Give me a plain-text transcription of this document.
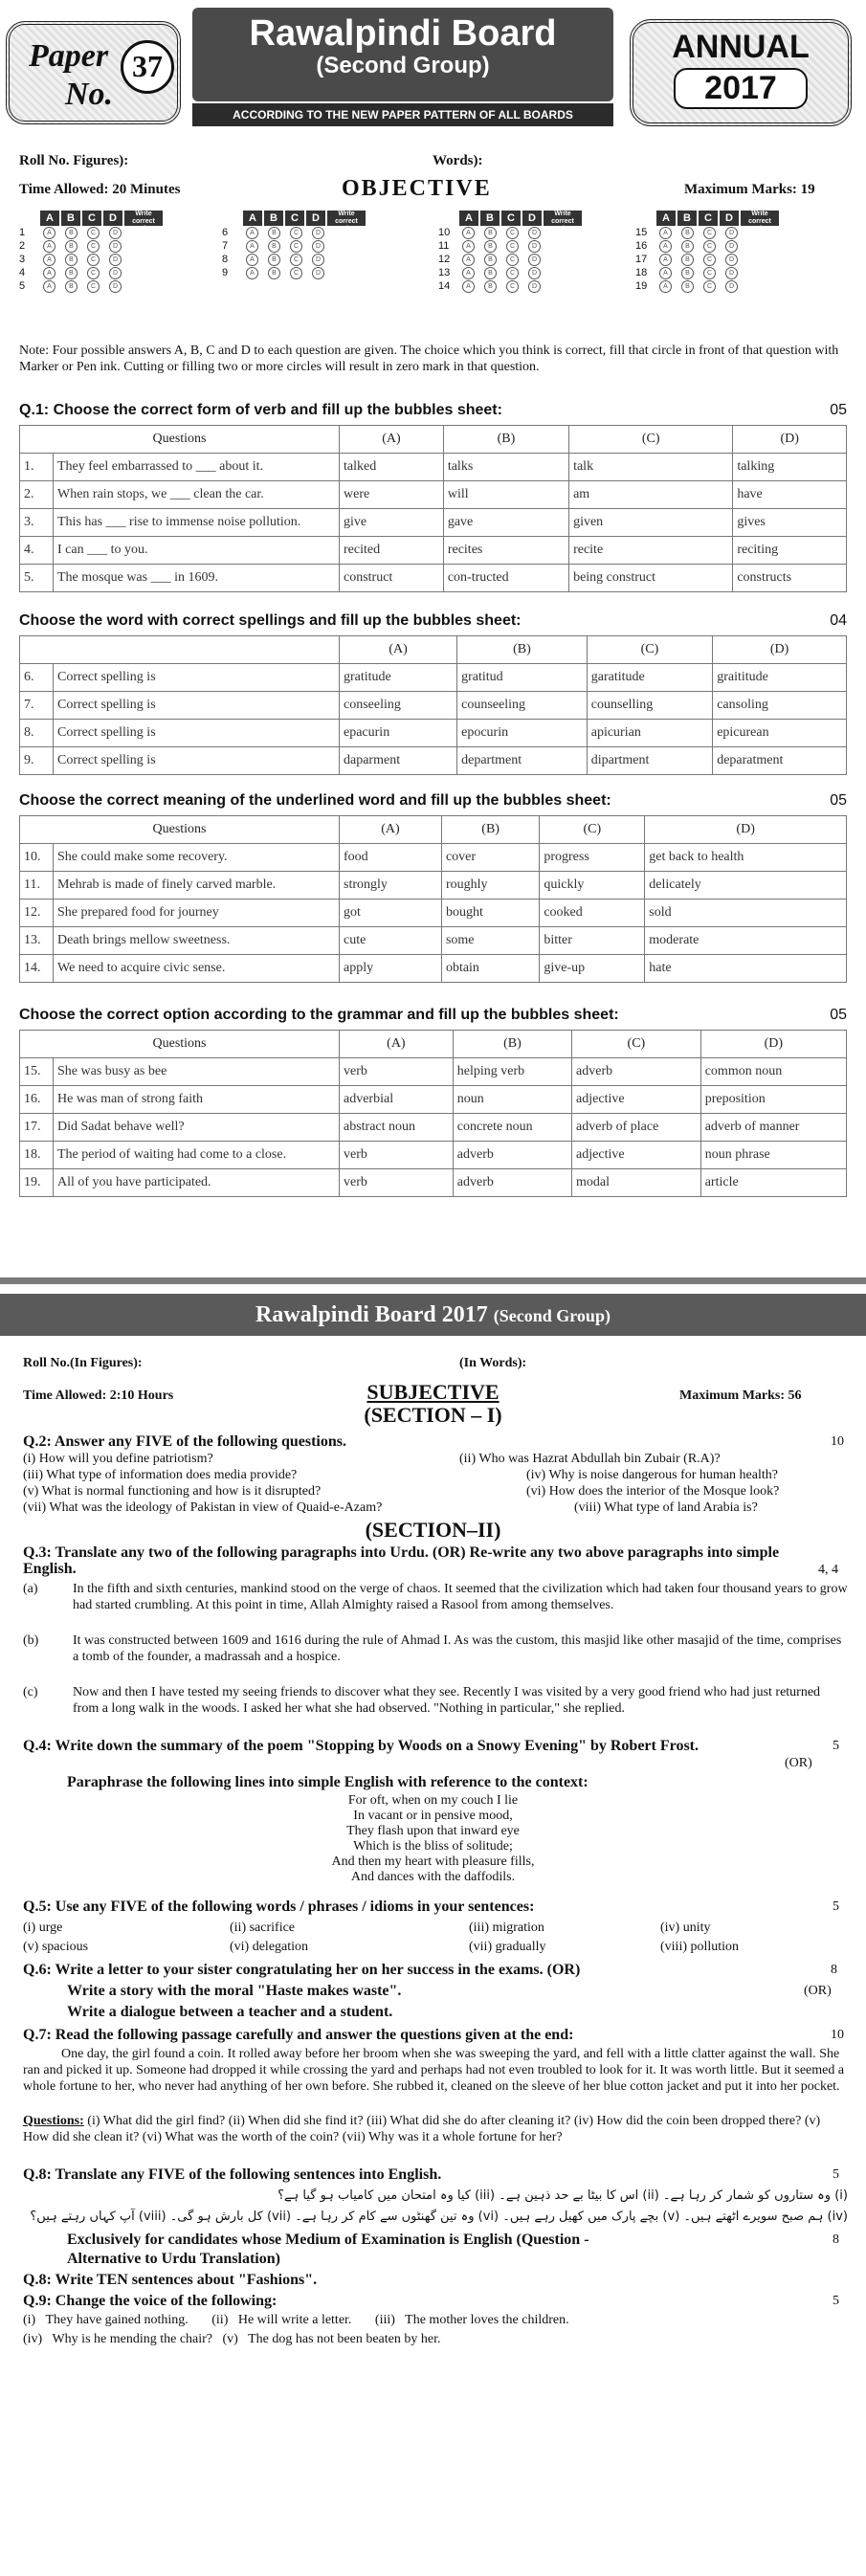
Paper
No.
37
Rawalpindi Board
(Second Group)
ACCORDING TO THE NEW PAPER PATTERN OF ALL BOARDS
ANNUAL
2017
Roll No. Figures):	Words):
Time Allowed: 20 Minutes	OBJECTIVE	Maximum Marks: 19
A	B	C	D	Write correct option
1	A	B	C	D
2	A	B	C	D
3	A	B	C	D
4	A	B	C	D
5	A	B	C	D
A	B	C	D	Write correct option
6	A	B	C	D
7	A	B	C	D
8	A	B	C	D
9	A	B	C	D
A	B	C	D	Write correct option
10	A	B	C	D
11	A	B	C	D
12	A	B	C	D
13	A	B	C	D
14	A	B	C	D
A	B	C	D	Write correct option
15	A	B	C	D
16	A	B	C	D
17	A	B	C	D
18	A	B	C	D
19	A	B	C	D
Note: Four possible answers A, B, C and D to each question are given. The choice which you think is correct, fill that circle in front of that question with Marker or Pen ink. Cutting or filling two or more circles will result in zero mark in that question.
Q.1: Choose the correct form of verb and fill up the bubbles sheet:	05
Questions		(A)	(B)	(C)	(D)
1.	They feel embarrassed to ___ about it.	talked	talks	talk	talking
2.	When rain stops, we ___ clean the car.	were	will	am	have
3.	This has ___ rise to immense noise pollution.	give	gave	given	gives
4.	I can ___ to you.	recited	recites	recite	reciting
5.	The mosque was ___ in 1609.	construct	con-tructed	being construct	constructs
Choose the word with correct spellings and fill up the bubbles sheet:	04
		(A)	(B)	(C)	(D)
6.	Correct spelling is	gratitude	gratitud	garatitude	graititude
7.	Correct spelling is	conseeling	counseeling	counselling	cansoling
8.	Correct spelling is	epacurin	epocurin	apicurian	epicurean
9.	Correct spelling is	daparment	department	dipartment	deparatment
Choose the correct meaning of the underlined word and fill up the bubbles sheet:	05
Questions		(A)	(B)	(C)	(D)
10.	She could make some recovery.	food	cover	progress	get back to health
11.	Mehrab is made of finely carved marble.	strongly	roughly	quickly	delicately
12.	She prepared food for journey	got	bought	cooked	sold
13.	Death brings mellow sweetness.	cute	some	bitter	moderate
14.	We need to acquire civic sense.	apply	obtain	give-up	hate
Choose the correct option according to the grammar and fill up the bubbles sheet:	05
Questions		(A)	(B)	(C)	(D)
15.	She was busy as bee	verb	helping verb	adverb	common noun
16.	He was man of strong faith	adverbial	noun	adjective	preposition
17.	Did Sadat behave well?	abstract noun	concrete noun	adverb of place	adverb of manner
18.	The period of waiting had come to a close.	verb	adverb	adjective	noun phrase
19.	All of you have participated.	verb	adverb	modal	article
Rawalpindi Board 2017 (Second Group)
Roll No.(In Figures):	(In Words):
Time Allowed: 2:10 Hours	SUBJECTIVE	Maximum Marks: 56
(SECTION – I)
Q.2: Answer any FIVE of the following questions.	10
(i) How will you define patriotism?	(ii) Who was Hazrat Abdullah bin Zubair (R.A)?
(iii) What type of information does media provide?	(iv) Why is noise dangerous for human health?
(v) What is normal functioning and how is it disrupted?	(vi) How does the interior of the Mosque look?
(vii) What was the ideology of Pakistan in view of Quaid-e-Azam?	(viii) What type of land Arabia is?
(SECTION–II)
Q.3: Translate any two of the following paragraphs into Urdu. (OR) Re-write any two above paragraphs into simple English.	4, 4
(a)	In the fifth and sixth centuries, mankind stood on the verge of chaos. It seemed that the civilization which had taken four thousand years to grow had started crumbling. At this point in time, Allah Almighty raised a Rasool from among themselves.
(b)	It was constructed between 1609 and 1616 during the rule of Ahmad I. As was the custom, this masjid like other masajid of the time, comprises a tomb of the founder, a madrassah and a hospice.
(c)	Now and then I have tested my seeing friends to discover what they see. Recently I was visited by a very good friend who had just returned from a long walk in the woods. I asked her what she had observed. "Nothing in particular," she replied.
Q.4: Write down the summary of the poem "Stopping by Woods on a Snowy Evening" by Robert Frost.
(OR)
5
Paraphrase the following lines into simple English with reference to the context:
For oft, when on my couch I lie
In vacant or in pensive mood,
They flash upon that inward eye
Which is the bliss of solitude;
And then my heart with pleasure fills,
And dances with the daffodils.
Q.5: Use any FIVE of the following words / phrases / idioms in your sentences:	5
(i) urge	(ii) sacrifice	(iii) migration	(iv) unity
(v) spacious	(vi) delegation	(vii) gradually	(viii) pollution
Q.6: Write a letter to your sister congratulating her on her success in the exams. (OR)	8
Write a story with the moral "Haste makes waste".	(OR)
Write a dialogue between a teacher and a student.
Q.7: Read the following passage carefully and answer the questions given at the end:	10
One day, the girl found a coin. It rolled away before her broom when she was sweeping the yard, and fell with a little clatter against the wall. She ran and picked it up. Someone had dropped it while crossing the yard and perhaps had not even troubled to look for it. It was worth little. But it seemed a whole fortune to her, who never had anything of her own before. She rubbed it, cleaned on the sleeve of her blue cotton jacket and put it into her pocket.
Questions: (i) What did the girl find? (ii) When did she find it? (iii) What did she do after cleaning it? (iv) How did the coin been dropped there? (v) How did she clean it? (vi) What was the worth of the coin? (vii) Why was it a whole fortune for her?
Q.8: Translate any FIVE of the following sentences into English.	5
(i) وہ ستاروں کو شمار کر رہا ہے۔ (ii) اس کا بیٹا بے حد ذہین ہے۔ (iii) کیا وہ امتحان میں کامیاب ہو گیا ہے؟
(iv) ہم صبح سویرے اٹھتے ہیں۔ (v) بچے پارک میں کھیل رہے ہیں۔ (vi) وہ تین گھنٹوں سے کام کر رہا ہے۔ (vii) کل بارش ہو گی۔ (viii) آپ کہاں رہتے ہیں؟
Exclusively for candidates whose Medium of Examination is English (Question -	8
Alternative to Urdu Translation)
Q.8: Write TEN sentences about "Fashions".
Q.9: Change the voice of the following:	5
(i)   They have gained nothing.       (ii)   He will write a letter.       (iii)   The mother loves the children.
(iv)   Why is he mending the chair?   (v)   The dog has not been beaten by her.
